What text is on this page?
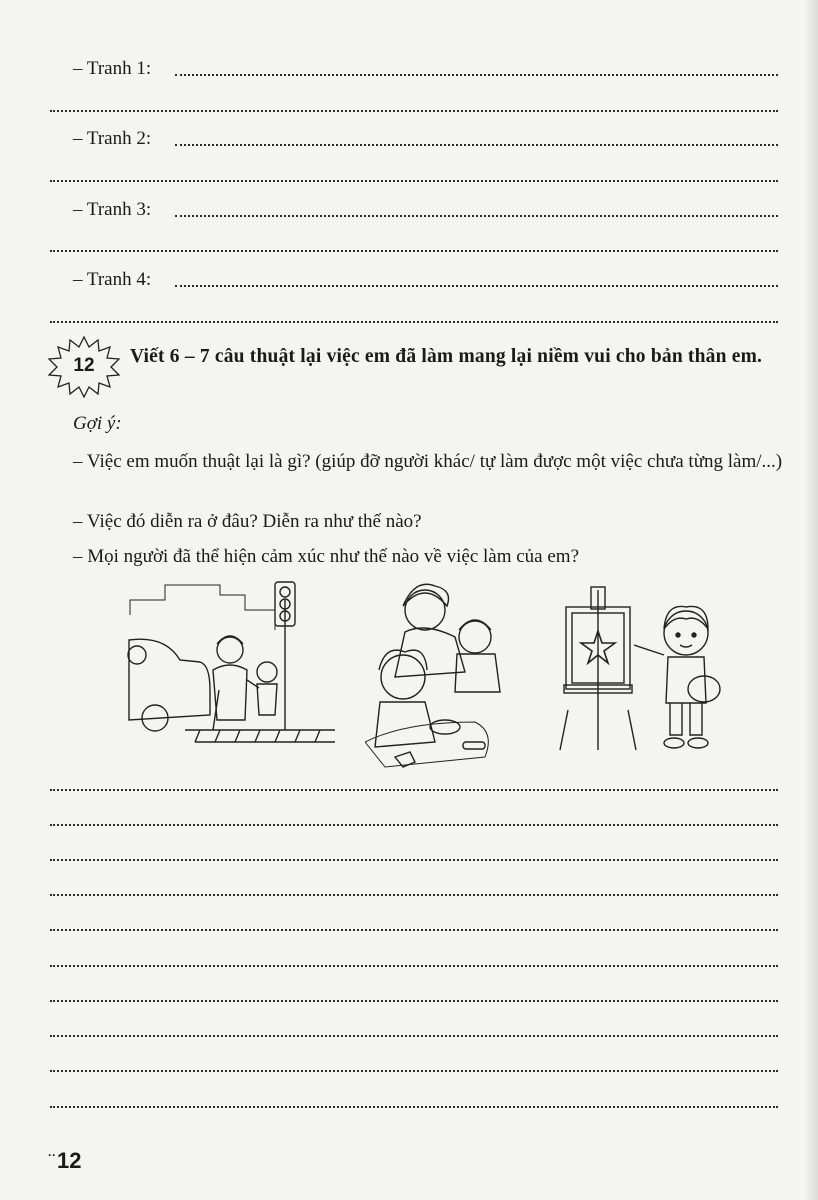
– Tranh 1:
– Tranh 2:
– Tranh 3:
– Tranh 4:
12	Viết 6 – 7 câu thuật lại việc em đã làm mang lại niềm vui cho bản thân em.
Gợi ý:
– Việc em muốn thuật lại là gì? (giúp đỡ người khác/ tự làm được một việc chưa từng làm/...)
– Việc đó diễn ra ở đâu? Diễn ra như thế nào?
– Mọi người đã thể hiện cảm xúc như thế nào về việc làm của em?
··12
